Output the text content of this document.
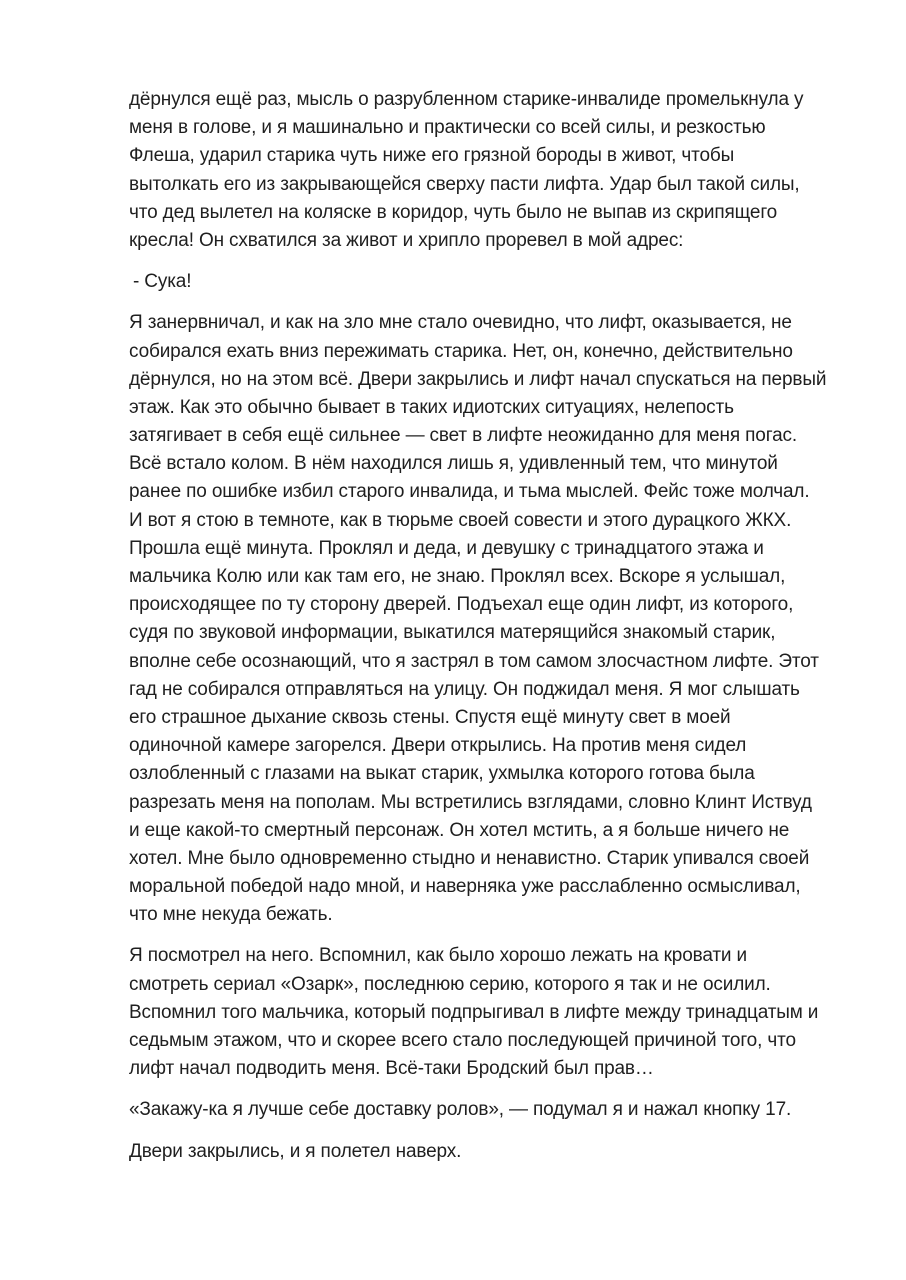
дёрнулся ещё раз, мысль о разрубленном старике-инвалиде промелькнула у
меня в голове, и я машинально и практически со всей силы, и резкостью
Флеша, ударил старика чуть ниже его грязной бороды в живот, чтобы
вытолкать его из закрывающейся сверху пасти лифта. Удар был такой силы,
что дед вылетел на коляске в коридор, чуть было не выпав из скрипящего
кресла! Он схватился за живот и хрипло проревел в мой адрес:
- Сука!
Я занервничал, и как на зло мне стало очевидно, что лифт, оказывается, не
собирался ехать вниз пережимать старика. Нет, он, конечно, действительно
дёрнулся, но на этом всё. Двери закрылись и лифт начал спускаться на первый
этаж. Как это обычно бывает в таких идиотских ситуациях, нелепость
затягивает в себя ещё сильнее — свет в лифте неожиданно для меня погас.
Всё встало колом. В нём находился лишь я, удивленный тем, что минутой
ранее по ошибке избил старого инвалида, и тьма мыслей. Фейс тоже молчал.
И вот я стою в темноте, как в тюрьме своей совести и этого дурацкого ЖКХ.
Прошла ещё минута. Проклял и деда, и девушку с тринадцатого этажа и
мальчика Колю или как там его, не знаю. Проклял всех. Вскоре я услышал,
происходящее по ту сторону дверей. Подъехал еще один лифт, из которого,
судя по звуковой информации, выкатился матерящийся знакомый старик,
вполне себе осознающий, что я застрял в том самом злосчастном лифте. Этот
гад не собирался отправляться на улицу. Он поджидал меня. Я мог слышать
его страшное дыхание сквозь стены. Спустя ещё минуту свет в моей
одиночной камере загорелся. Двери открылись. На против меня сидел
озлобленный с глазами на выкат старик, ухмылка которого готова была
разрезать меня на пополам. Мы встретились взглядами, словно Клинт Иствуд
и еще какой-то смертный персонаж. Он хотел мстить, а я больше ничего не
хотел. Мне было одновременно стыдно и ненавистно. Старик упивался своей
моральной победой надо мной, и наверняка уже расслабленно осмысливал,
что мне некуда бежать.
Я посмотрел на него. Вспомнил, как было хорошо лежать на кровати и
смотреть сериал «Озарк», последнюю серию, которого я так и не осилил.
Вспомнил того мальчика, который подпрыгивал в лифте между тринадцатым и
седьмым этажом, что и скорее всего стало последующей причиной того, что
лифт начал подводить меня. Всё-таки Бродский был прав…
«Закажу-ка я лучше себе доставку ролов», — подумал я и нажал кнопку 17.
Двери закрылись, и я полетел наверх.
